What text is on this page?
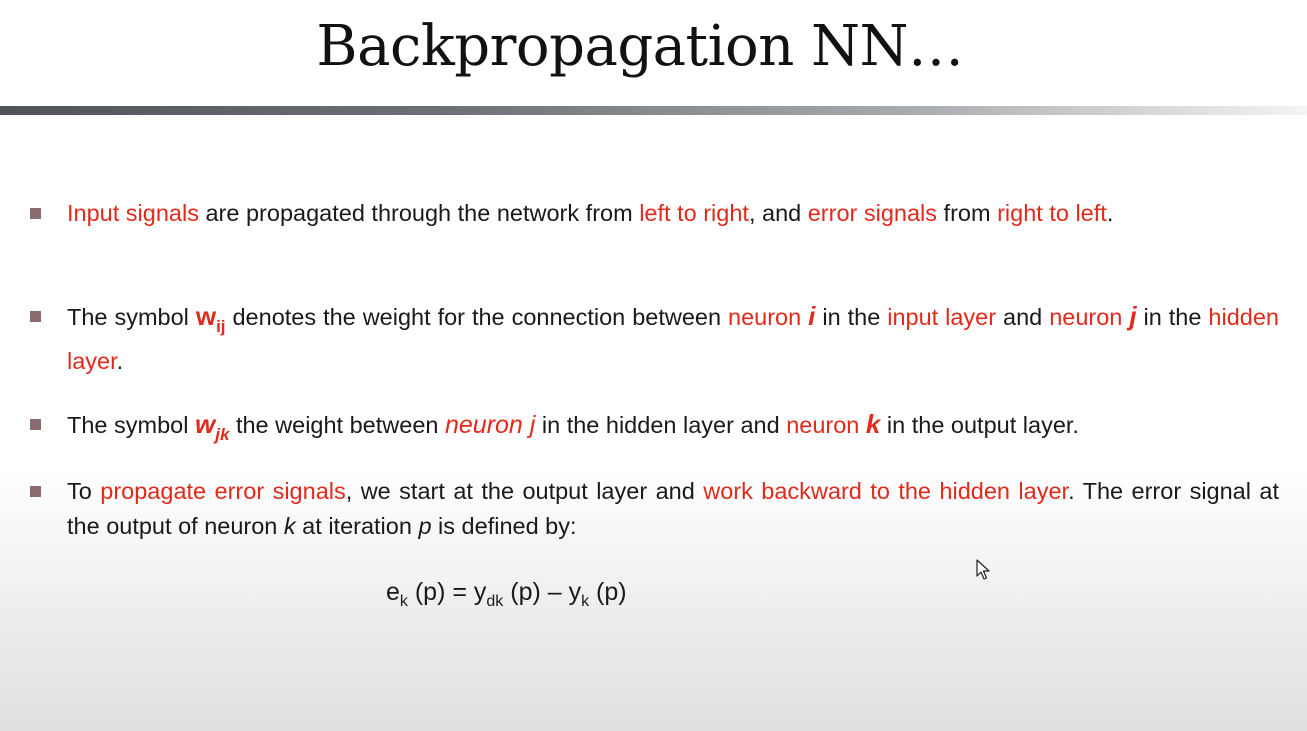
Backpropagation NN…
Input signals are propagated through the network from left to right, and error signals from right to left.
The symbol $w_{ij}$ denotes the weight for the connection between neuron i in the input layer and neuron j in the hidden layer.
The symbol $w_{jk}$ the weight between neuron j in the hidden layer and neuron k in the output layer.
To propagate error signals, we start at the output layer and work backward to the hidden layer. The error signal at the output of neuron k at iteration p is defined by:
$e_k$ $(p) = y_{dk}$ $(p) - y_k$ (p)
